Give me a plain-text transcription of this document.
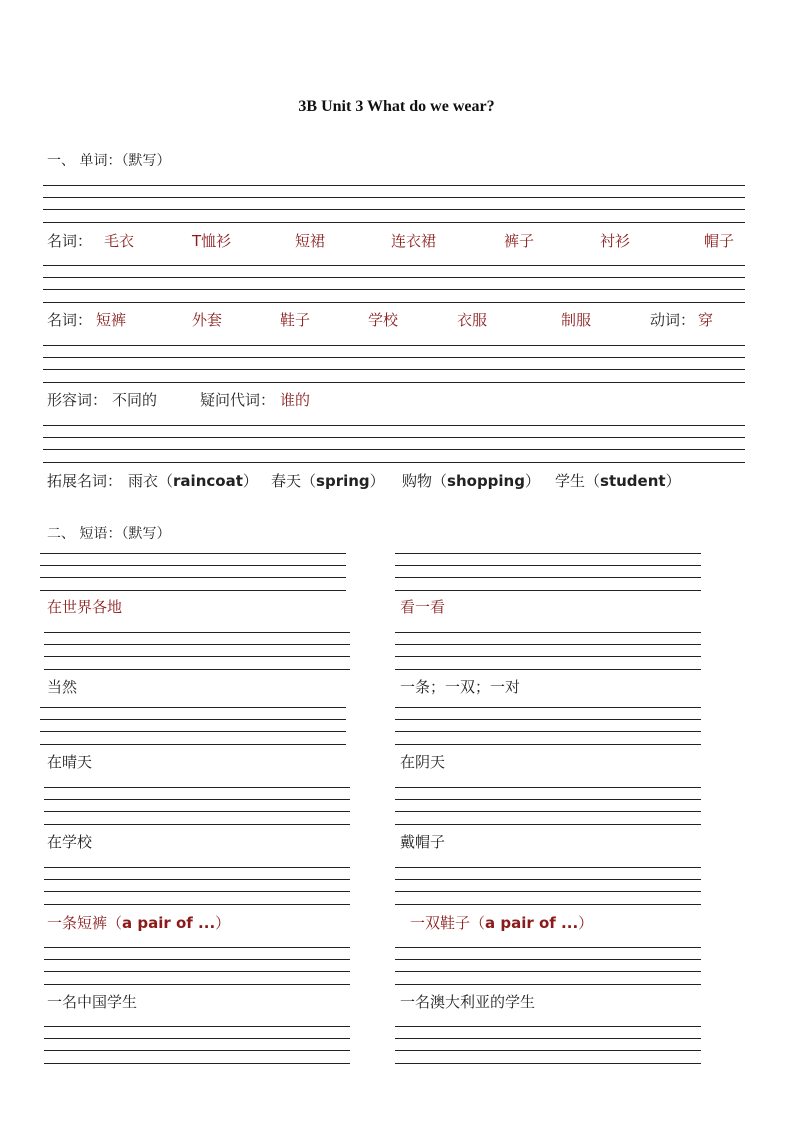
3B Unit 3 What do we wear?
一、 单词：（默写）
名词： 毛衣	T恤衫	短裙	连衣裙	裤子	衬衫	帽子
名词： 短裤	外套	鞋子	学校	衣服	制服	动词： 穿
形容词： 不同的	疑问代词： 谁的
拓展名词： 雨衣（raincoat） 春天（spring） 购物（shopping） 学生（student）
二、 短语：（默写）
在世界各地
当然
在晴天
在学校
一条短裤（a pair of ...）
一名中国学生
看一看
一条；一双；一对
在阴天
戴帽子
一双鞋子（a pair of ...）
一名澳大利亚的学生
